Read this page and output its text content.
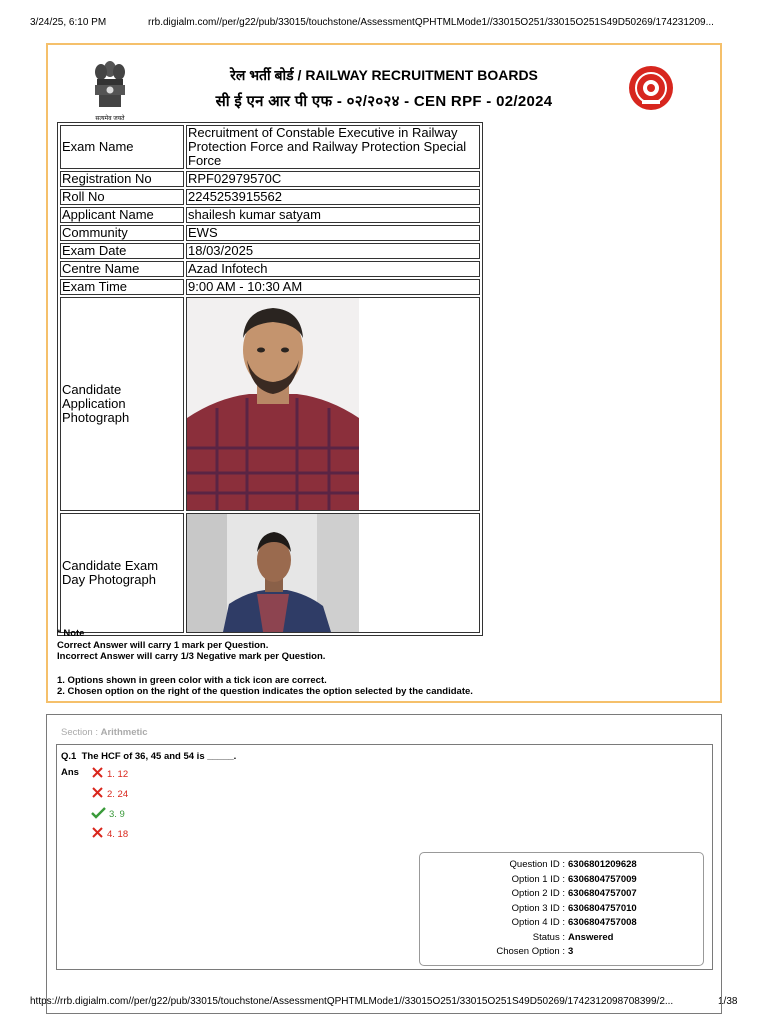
3/24/25, 6:10 PM	rrb.digialm.com//per/g22/pub/33015/touchstone/AssessmentQPHTMLMode1//33015O251/33015O251S49D50269/174231209...
https://rrb.digialm.com//per/g22/pub/33015/touchstone/AssessmentQPHTMLMode1//33015O251/33015O251S49D50269/1742312098708399/2...	1/38
सत्यमेव जयते
रेल भर्ती बोर्ड / RAILWAY RECRUITMENT BOARDS
सी ई एन आर पी एफ - ०२/२०२४ - CEN RPF - 02/2024
Exam Name	Recruitment of Constable Executive in Railway Protection Force and Railway Protection Special Force
Registration No	RPF02979570C
Roll No	2245253915562
Applicant Name	shailesh kumar satyam
Community	EWS
Exam Date	18/03/2025
Centre Name	Azad Infotech
Exam Time	9:00 AM - 10:30 AM
Candidate Application Photograph	

Candidate Exam Day Photograph	
* Note
Correct Answer will carry 1 mark per Question.
Incorrect Answer will carry 1/3 Negative mark per Question.
1. Options shown in green color with a tick icon are correct.
2. Chosen option on the right of the question indicates the option selected by the candidate.
Section : Arithmetic
Q.1 The HCF of 36, 45 and 54 is _____.
Ans	1. 12
2. 24
3. 9
4. 18
Question ID : 6306801209628
Option 1 ID : 6306804757009
Option 2 ID : 6306804757007
Option 3 ID : 6306804757010
Option 4 ID : 6306804757008
Status : Answered
Chosen Option : 3
